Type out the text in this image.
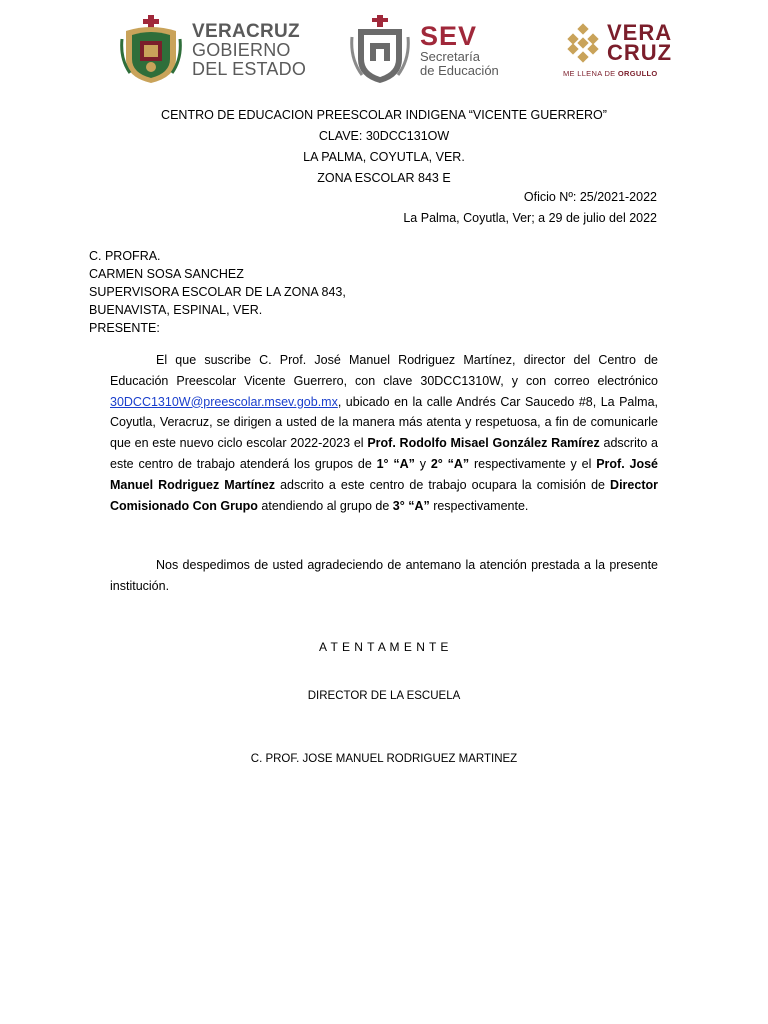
VERACRUZ
GOBIERNO
DEL ESTADO
SEV
Secretaría
de Educación
VERA
CRUZ
ME LLENA DE ORGULLO
CENTRO DE EDUCACION PREESCOLAR INDIGENA “VICENTE GUERRERO”
CLAVE: 30DCC131OW
LA PALMA, COYUTLA, VER.
ZONA ESCOLAR 843 E
Oficio Nº: 25/2021-2022
La Palma, Coyutla, Ver; a 29 de julio del 2022
C. PROFRA.
CARMEN SOSA SANCHEZ
SUPERVISORA ESCOLAR DE LA ZONA 843,
BUENAVISTA, ESPINAL, VER.
PRESENTE:
El que suscribe C. Prof. José Manuel Rodriguez Martínez, director del Centro de Educación Preescolar Vicente Guerrero, con clave 30DCC1310W, y con correo electrónico 30DCC1310W@preescolar.msev.gob.mx, ubicado en la calle Andrés Car Saucedo #8, La Palma, Coyutla, Veracruz, se dirigen a usted de la manera más atenta y respetuosa, a fin de comunicarle que en este nuevo ciclo escolar 2022-2023 el Prof. Rodolfo Misael González Ramírez adscrito a este centro de trabajo atenderá los grupos de 1° “A” y 2° “A” respectivamente y el Prof. José Manuel Rodriguez Martínez adscrito a este centro de trabajo ocupara la comisión de Director Comisionado Con Grupo atendiendo al grupo de 3° “A” respectivamente.
Nos despedimos de usted agradeciendo de antemano la atención prestada a la presente institución.
A T E N T A M E N T E
DIRECTOR DE LA ESCUELA
C. PROF. JOSE MANUEL RODRIGUEZ MARTINEZ
